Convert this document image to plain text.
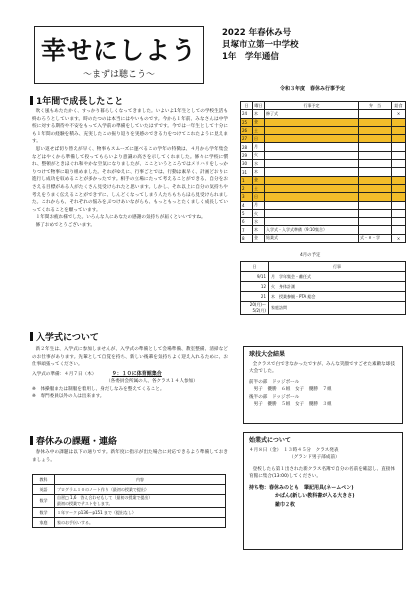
幸せにしよう
～まずは聴こう～
2022 年春休み号
貝塚市立第一中学校
1年　学年通信
1年間で成長したこと

吹く風もあたたかく、すっかり暮らしくなってきました。いよいよ1年生としての学校生活も終わろうとしています。時のたつのは本当にはやいものです。今から１年前、みなさんは中学校に対する期待や不安をもって入学前の準備をしていたはずです。今では一年生として十分にも１年間の経験を積み、充実したこの振り返りを実感のできる力をつけてこれたように見えます。

思い返せば切り替えが早く、物事もスムーズに運べるこの学年の特徴は、４月から学年集会などはやくから準備して役ってもらいより意識の高さを示してくれました。修々に学校に慣れ、整頓がときほぐれ和やかな空気になりましたが、ここというところではメリハリをしっかりつけて物事に取り組めました。それがゆえに、行事ごとでは、行動は素早く、計画どおりに進行し成功を収めることが多かったです。相手の立場にたって考えることができる、自分をおさえる目標がある人がたくさん見受けられたと思います。しかし、それ以上に自分の気持ちや考えをうまく伝えることができずに、しんどくなってしまう人たちもちらほら見受けられました。これからも、それぞれの悩みをぶつけあいながらも、もっともっとたくましく成長していってくれることを願っています。

１年間お疲れ様でした。いろんな人にあなたの感謝の気持ちが届くといいですね。

修了おめでとうございます。

令和３年度　春休み行事予定
日	曜日	行事予定	弁　当	給食
24	木	修了式		×
25	金			
26	土			
27	日			
28	月			
29	火			
30	水			
31	木			
1	金			
2	土			
3	日			
4	月			
5	火			
6	水			
7	木	入学式・入学式準備（9:10集合）		
8	金	始業式	式・８・学	×
4月の予定
日	行事
9/11	月　学年集会・離任式
12	火　身体計測
21	木　授業参観・PTA 総会
20(月)～
5/2(月)	家庭訪問
入学式について

新２年生は、入学式に参加しませんが、入学式の準備として会場準備、教室整備、清掃などのお仕事があります。先輩として自覚を持ち、新しい後輩を気持ちよく迎え入れるために、お仕事頑張ってください。

入学式の準備：４月７日（木）	９：１０に体育館集合

（各委員会所属の人、各クラス１４人参加）

※　体操服または制服を着用し、身だしなみを整えてくること。

※　専門委員以外の人は出来ます。

球技大会結果

全クラスで白できなかったですが、みんな笑顔ですごせた素敵な球技大会でした。

前半の部　ドッジボール

　男子　優勝　６組　女子　優勝　７組

後半の部　ドッジボール

　男子　優勝　５組　女子　優勝　３組

春休みの課題・連絡

春休み中の課題は以下の通りです。新年度に指示が出た場合に対応できるよう準備しておきましょう。

教科	内容
英語	プログラム１０のノート作り（最初の授業で提出）
数学	自習□ 1,6　答え合わせもして（最初の授業で提出）
最初の授業でテストをします。
数学	１年ワーク p136～p151 まで（提出なし）
家庭	家のお手伝いする。
始業式について

４月８日（金）　１３時４５分　クラス発表

（グランド男子部成前）

登校したら第１出された新クラス名簿で自分の名前を確認し、直接体育館に集合(13:00)してください。

持ち物：春休みのとも　筆記用具(ネームペン)
かばん(新しい教科書が入る大きさ)
雑巾２枚
